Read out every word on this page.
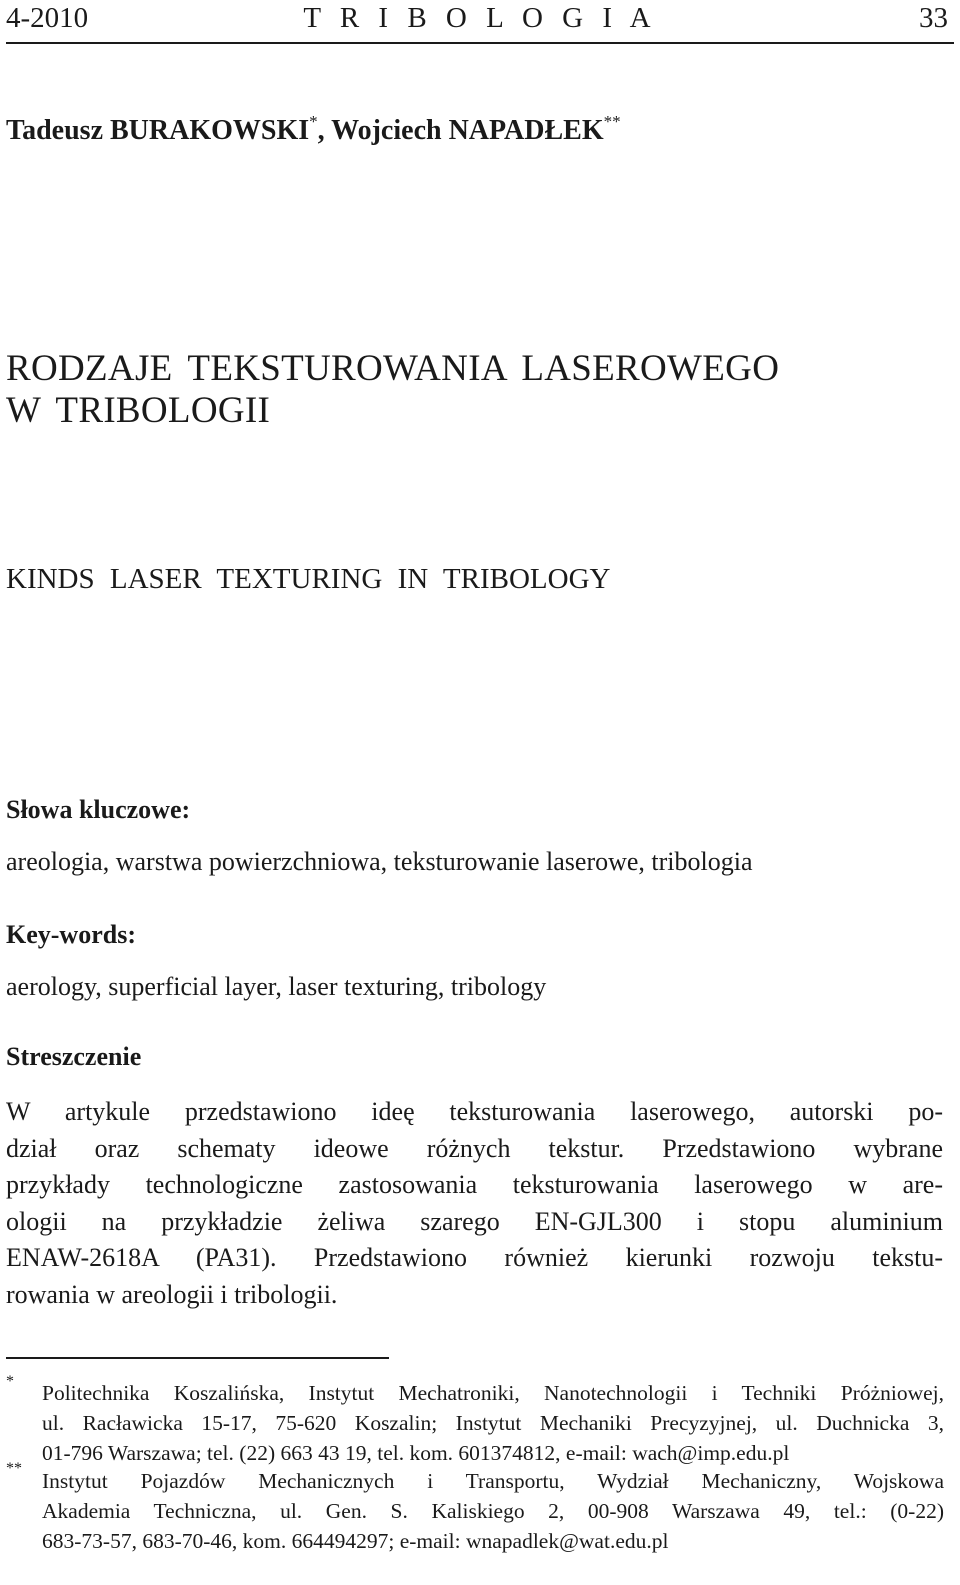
4-2010	T R I B O L O G I A	33
Tadeusz BURAKOWSKI*, Wojciech NAPADŁEK**
RODZAJE TEKSTUROWANIA LASEROWEGO
W TRIBOLOGII
KINDS LASER TEXTURING IN TRIBOLOGY
Słowa kluczowe:
areologia, warstwa powierzchniowa, teksturowanie laserowe, tribologia
Key-words:
aerology, superficial layer, laser texturing, tribology
Streszczenie
W artykule przedstawiono ideę teksturowania laserowego, autorski po-
dział oraz schematy ideowe różnych tekstur. Przedstawiono wybrane
przykłady technologiczne zastosowania teksturowania laserowego w are-
ologii na przykładzie żeliwa szarego EN-GJL300 i stopu aluminium
ENAW-2618A (PA31). Przedstawiono również kierunki rozwoju tekstu-
rowania w areologii i tribologii.
* Politechnika Koszalińska, Instytut Mechatroniki, Nanotechnologii i Techniki Próżniowej,
ul. Racławicka 15-17, 75-620 Koszalin; Instytut Mechaniki Precyzyjnej, ul. Duchnicka 3,
01-796 Warszawa; tel. (22) 663 43 19, tel. kom. 601374812, e-mail: wach@imp.edu.pl
**
Instytut Pojazdów Mechanicznych i Transportu, Wydział Mechaniczny, Wojskowa
Akademia Techniczna, ul. Gen. S. Kaliskiego 2, 00-908 Warszawa 49, tel.: (0-22)
683-73-57, 683-70-46, kom. 664494297; e-mail: wnapadlek@wat.edu.pl
